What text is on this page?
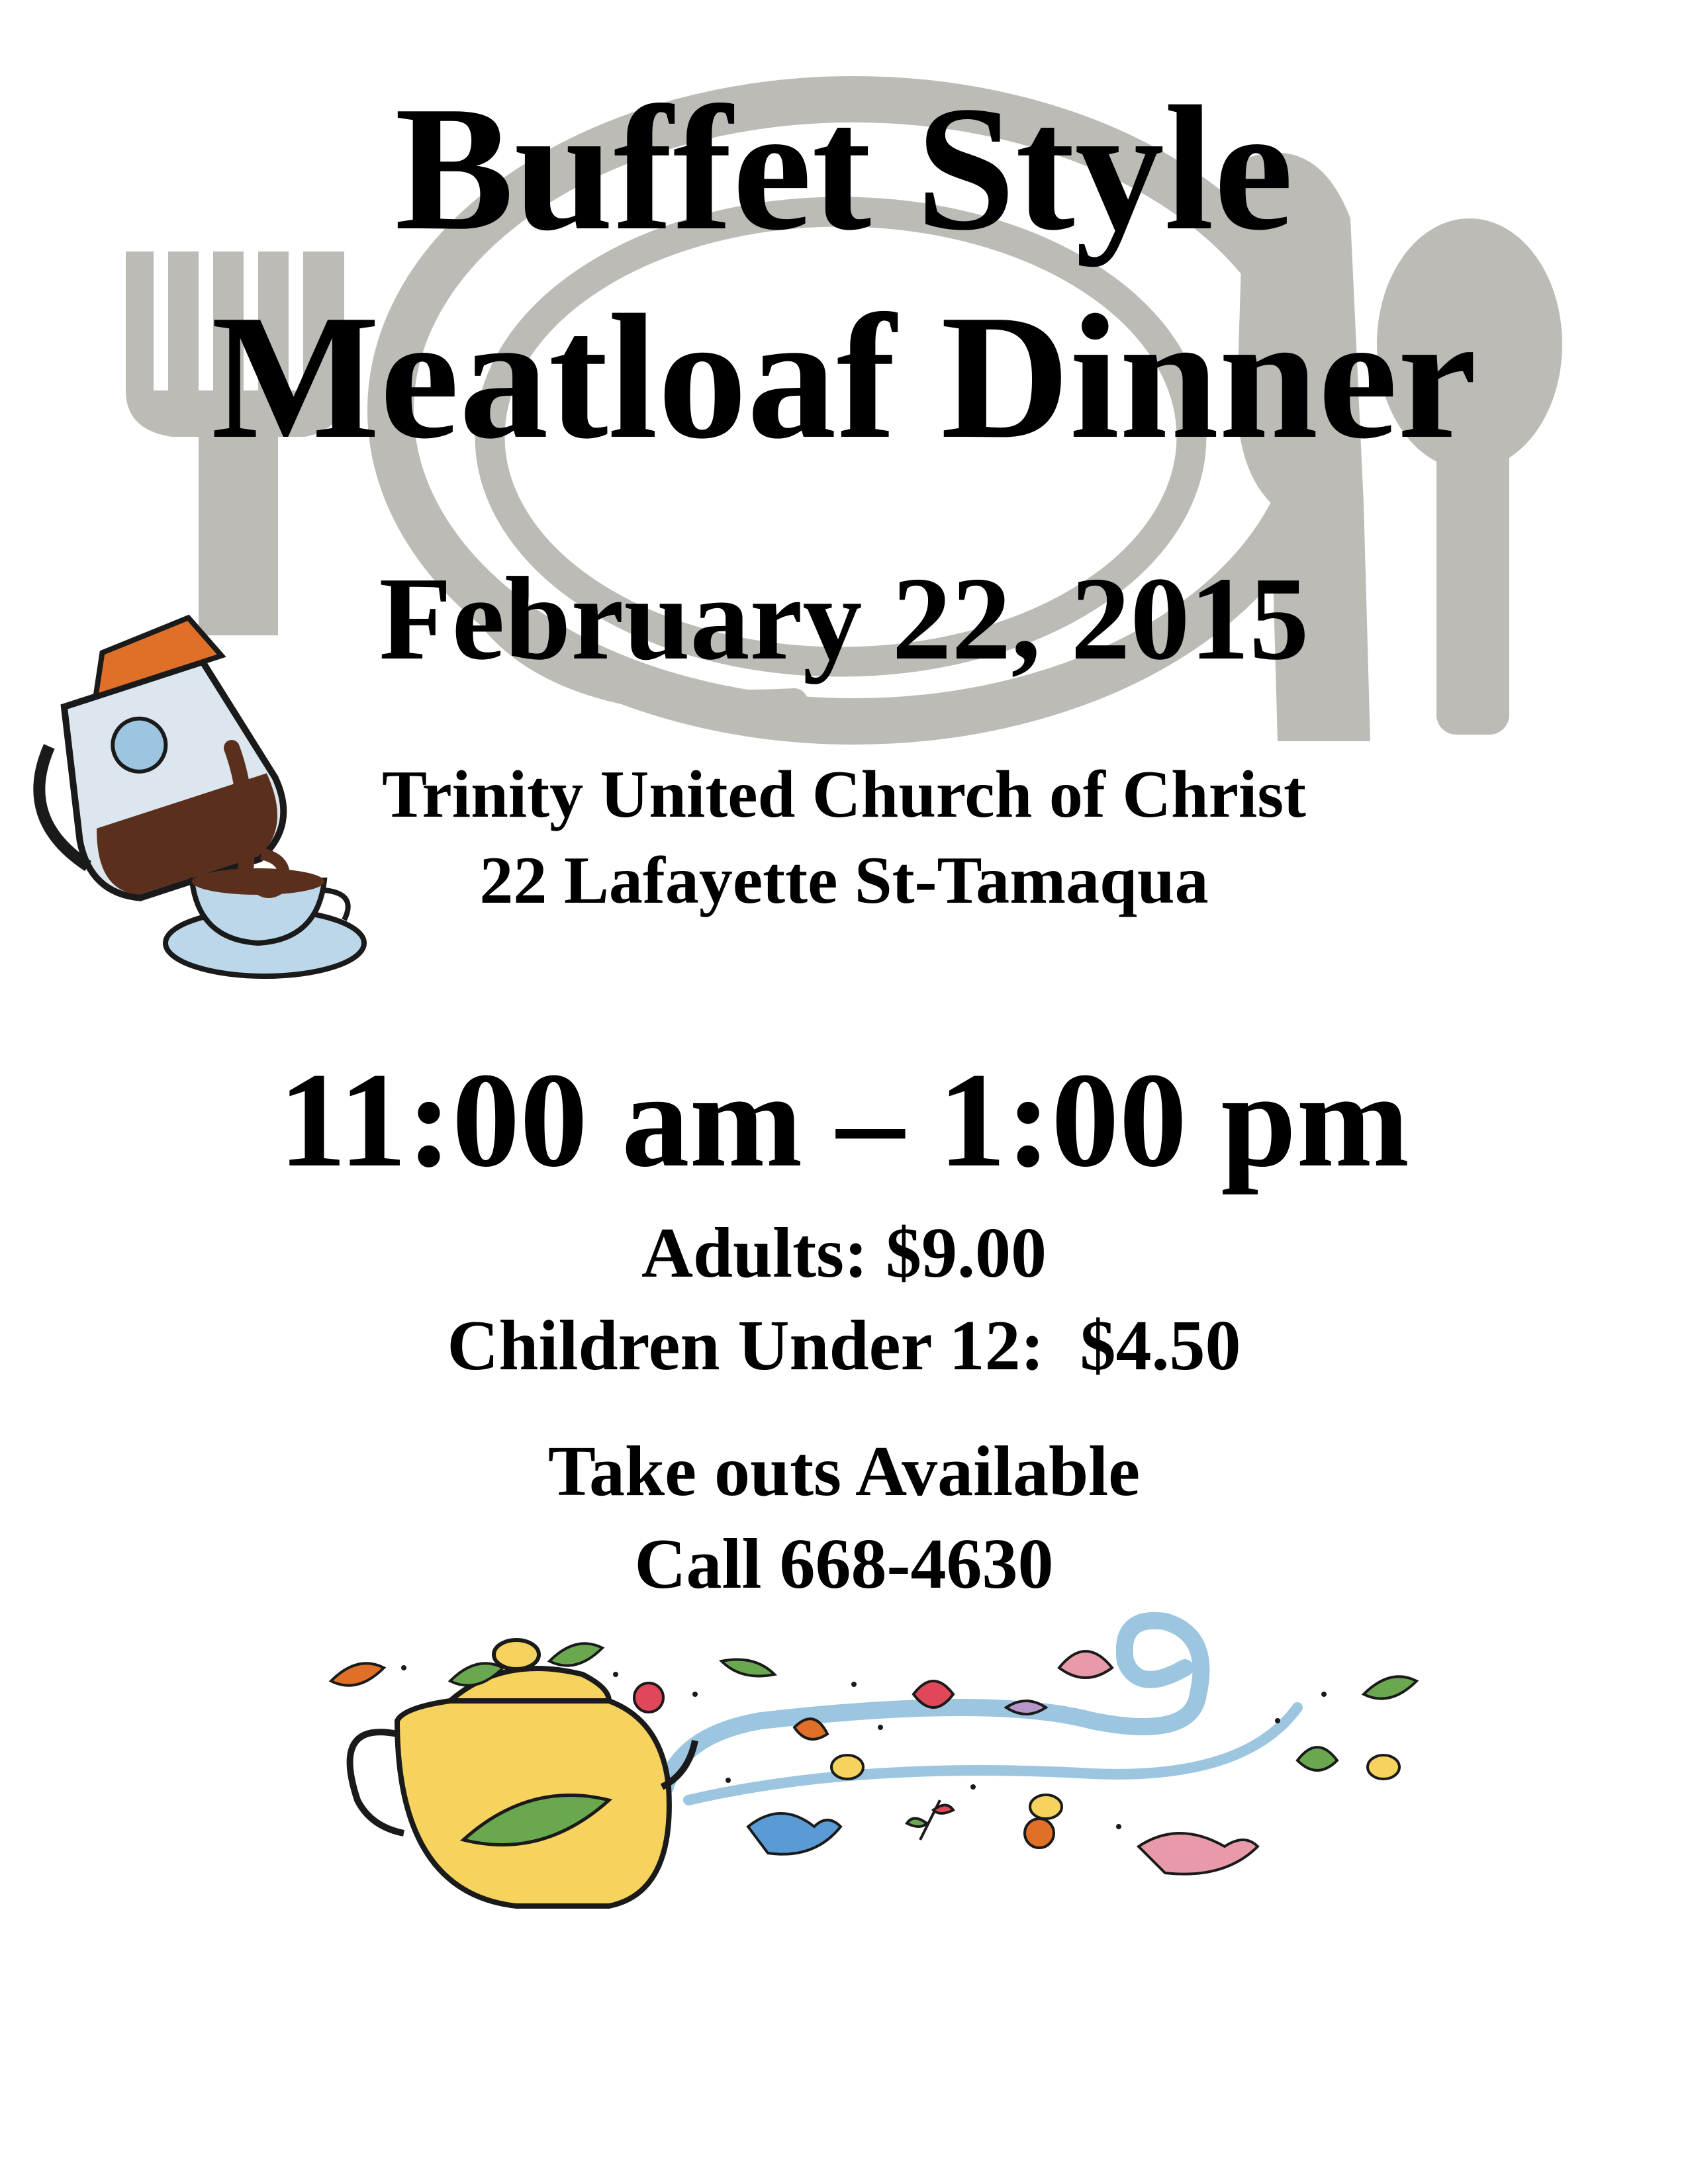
Buffet Style
Meatloaf Dinner
February 22, 2015
Trinity United Church of Christ
22 Lafayette St-Tamaqua
11:00 am – 1:00 pm
Adults: $9.00
Children Under 12:  $4.50
Take outs Available
Call 668-4630
